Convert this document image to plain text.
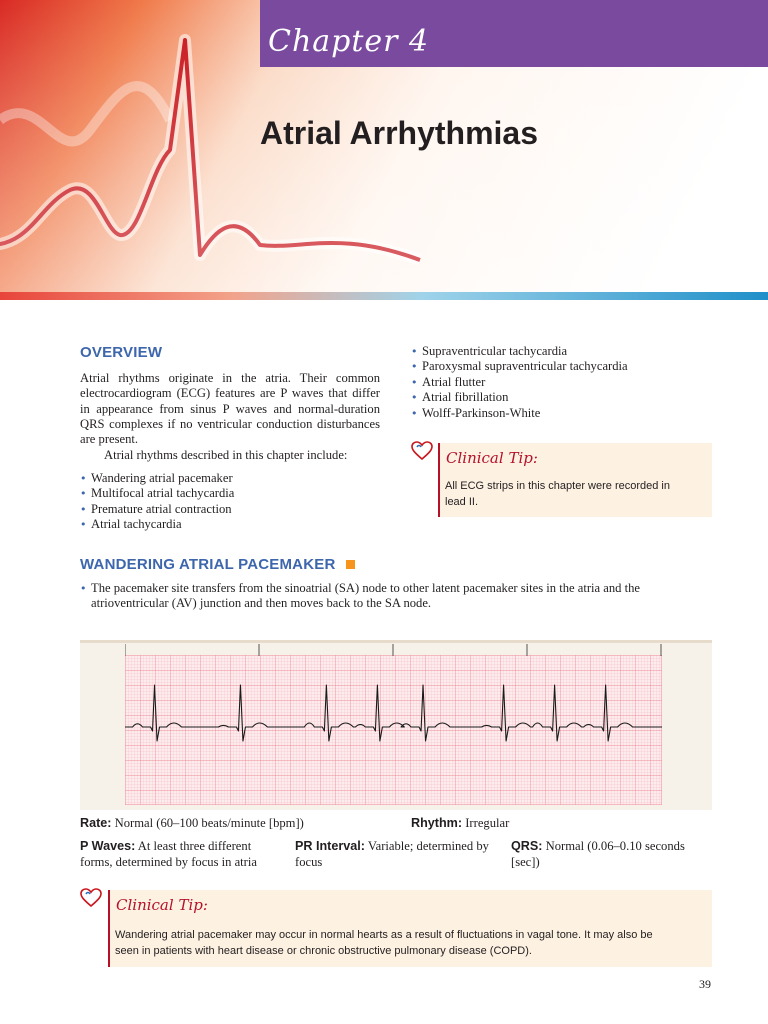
Chapter 4
Atrial Arrhythmias
OVERVIEW

Atrial rhythms originate in the atria. Their common electrocardiogram (ECG) features are P waves that differ in appearance from sinus P waves and normal-duration QRS complexes if no ventricular conduction disturbances are present.

Atrial rhythms described in this chapter include:

• Wandering atrial pacemaker
• Multifocal atrial tachycardia
• Premature atrial contraction
• Atrial tachycardia
• Supraventricular tachycardia
• Paroxysmal supraventricular tachycardia
• Atrial flutter
• Atrial fibrillation
• Wolff-Parkinson-White
Clinical Tip:
All ECG strips in this chapter were recorded in
lead II.
WANDERING ATRIAL PACEMAKER
• The pacemaker site transfers from the sinoatrial (SA) node to other latent pacemaker sites in the atria and the atrioventricular (AV) junction and then moves back to the SA node.
Rate: Normal (60–100 beats/minute [bpm])	Rhythm: Irregular
P Waves: At least three different forms, determined by focus in atria
PR Interval: Variable; determined by focus
QRS: Normal (0.06–0.10 seconds [sec])
Clinical Tip:
Wandering atrial pacemaker may occur in normal hearts as a result of fluctuations in vagal tone. It may also be
seen in patients with heart disease or chronic obstructive pulmonary disease (COPD).
39
